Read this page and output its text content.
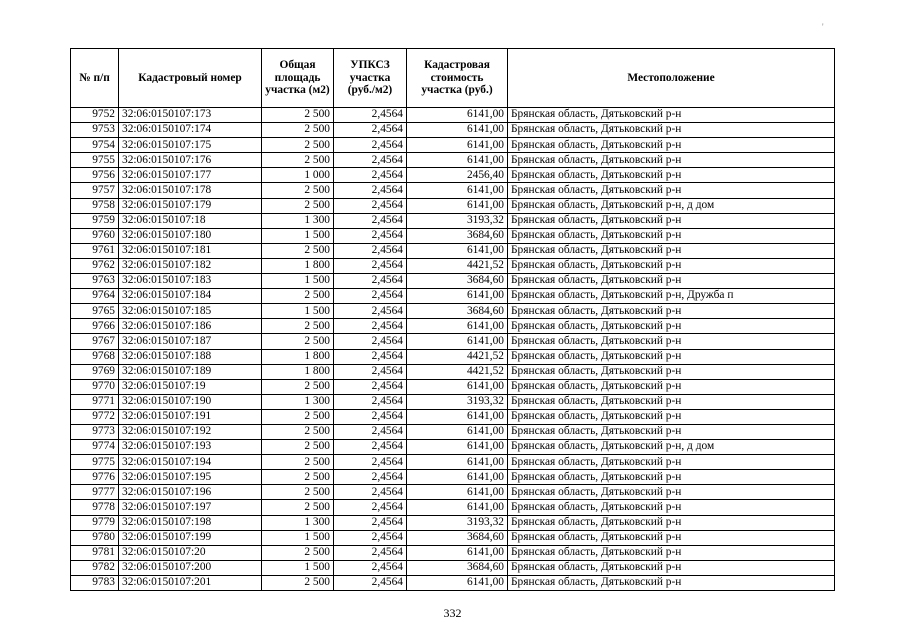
'
№ п/п	Кадастровый номер	Общая площадь участка (м2)	УПКСЗ участка (руб./м2)	Кадастровая стоимость участка (руб.)	Местоположение
9752	32:06:0150107:173	2 500	2,4564	6141,00	Брянская область, Дятьковский р-н
9753	32:06:0150107:174	2 500	2,4564	6141,00	Брянская область, Дятьковский р-н
9754	32:06:0150107:175	2 500	2,4564	6141,00	Брянская область, Дятьковский р-н
9755	32:06:0150107:176	2 500	2,4564	6141,00	Брянская область, Дятьковский р-н
9756	32:06:0150107:177	1 000	2,4564	2456,40	Брянская область, Дятьковский р-н
9757	32:06:0150107:178	2 500	2,4564	6141,00	Брянская область, Дятьковский р-н
9758	32:06:0150107:179	2 500	2,4564	6141,00	Брянская область, Дятьковский р-н, д дом
9759	32:06:0150107:18	1 300	2,4564	3193,32	Брянская область, Дятьковский р-н
9760	32:06:0150107:180	1 500	2,4564	3684,60	Брянская область, Дятьковский р-н
9761	32:06:0150107:181	2 500	2,4564	6141,00	Брянская область, Дятьковский р-н
9762	32:06:0150107:182	1 800	2,4564	4421,52	Брянская область, Дятьковский р-н
9763	32:06:0150107:183	1 500	2,4564	3684,60	Брянская область, Дятьковский р-н
9764	32:06:0150107:184	2 500	2,4564	6141,00	Брянская область, Дятьковский р-н, Дружба п
9765	32:06:0150107:185	1 500	2,4564	3684,60	Брянская область, Дятьковский р-н
9766	32:06:0150107:186	2 500	2,4564	6141,00	Брянская область, Дятьковский р-н
9767	32:06:0150107:187	2 500	2,4564	6141,00	Брянская область, Дятьковский р-н
9768	32:06:0150107:188	1 800	2,4564	4421,52	Брянская область, Дятьковский р-н
9769	32:06:0150107:189	1 800	2,4564	4421,52	Брянская область, Дятьковский р-н
9770	32:06:0150107:19	2 500	2,4564	6141,00	Брянская область, Дятьковский р-н
9771	32:06:0150107:190	1 300	2,4564	3193,32	Брянская область, Дятьковский р-н
9772	32:06:0150107:191	2 500	2,4564	6141,00	Брянская область, Дятьковский р-н
9773	32:06:0150107:192	2 500	2,4564	6141,00	Брянская область, Дятьковский р-н
9774	32:06:0150107:193	2 500	2,4564	6141,00	Брянская область, Дятьковский р-н, д дом
9775	32:06:0150107:194	2 500	2,4564	6141,00	Брянская область, Дятьковский р-н
9776	32:06:0150107:195	2 500	2,4564	6141,00	Брянская область, Дятьковский р-н
9777	32:06:0150107:196	2 500	2,4564	6141,00	Брянская область, Дятьковский р-н
9778	32:06:0150107:197	2 500	2,4564	6141,00	Брянская область, Дятьковский р-н
9779	32:06:0150107:198	1 300	2,4564	3193,32	Брянская область, Дятьковский р-н
9780	32:06:0150107:199	1 500	2,4564	3684,60	Брянская область, Дятьковский р-н
9781	32:06:0150107:20	2 500	2,4564	6141,00	Брянская область, Дятьковский р-н
9782	32:06:0150107:200	1 500	2,4564	3684,60	Брянская область, Дятьковский р-н
9783	32:06:0150107:201	2 500	2,4564	6141,00	Брянская область, Дятьковский р-н
332
